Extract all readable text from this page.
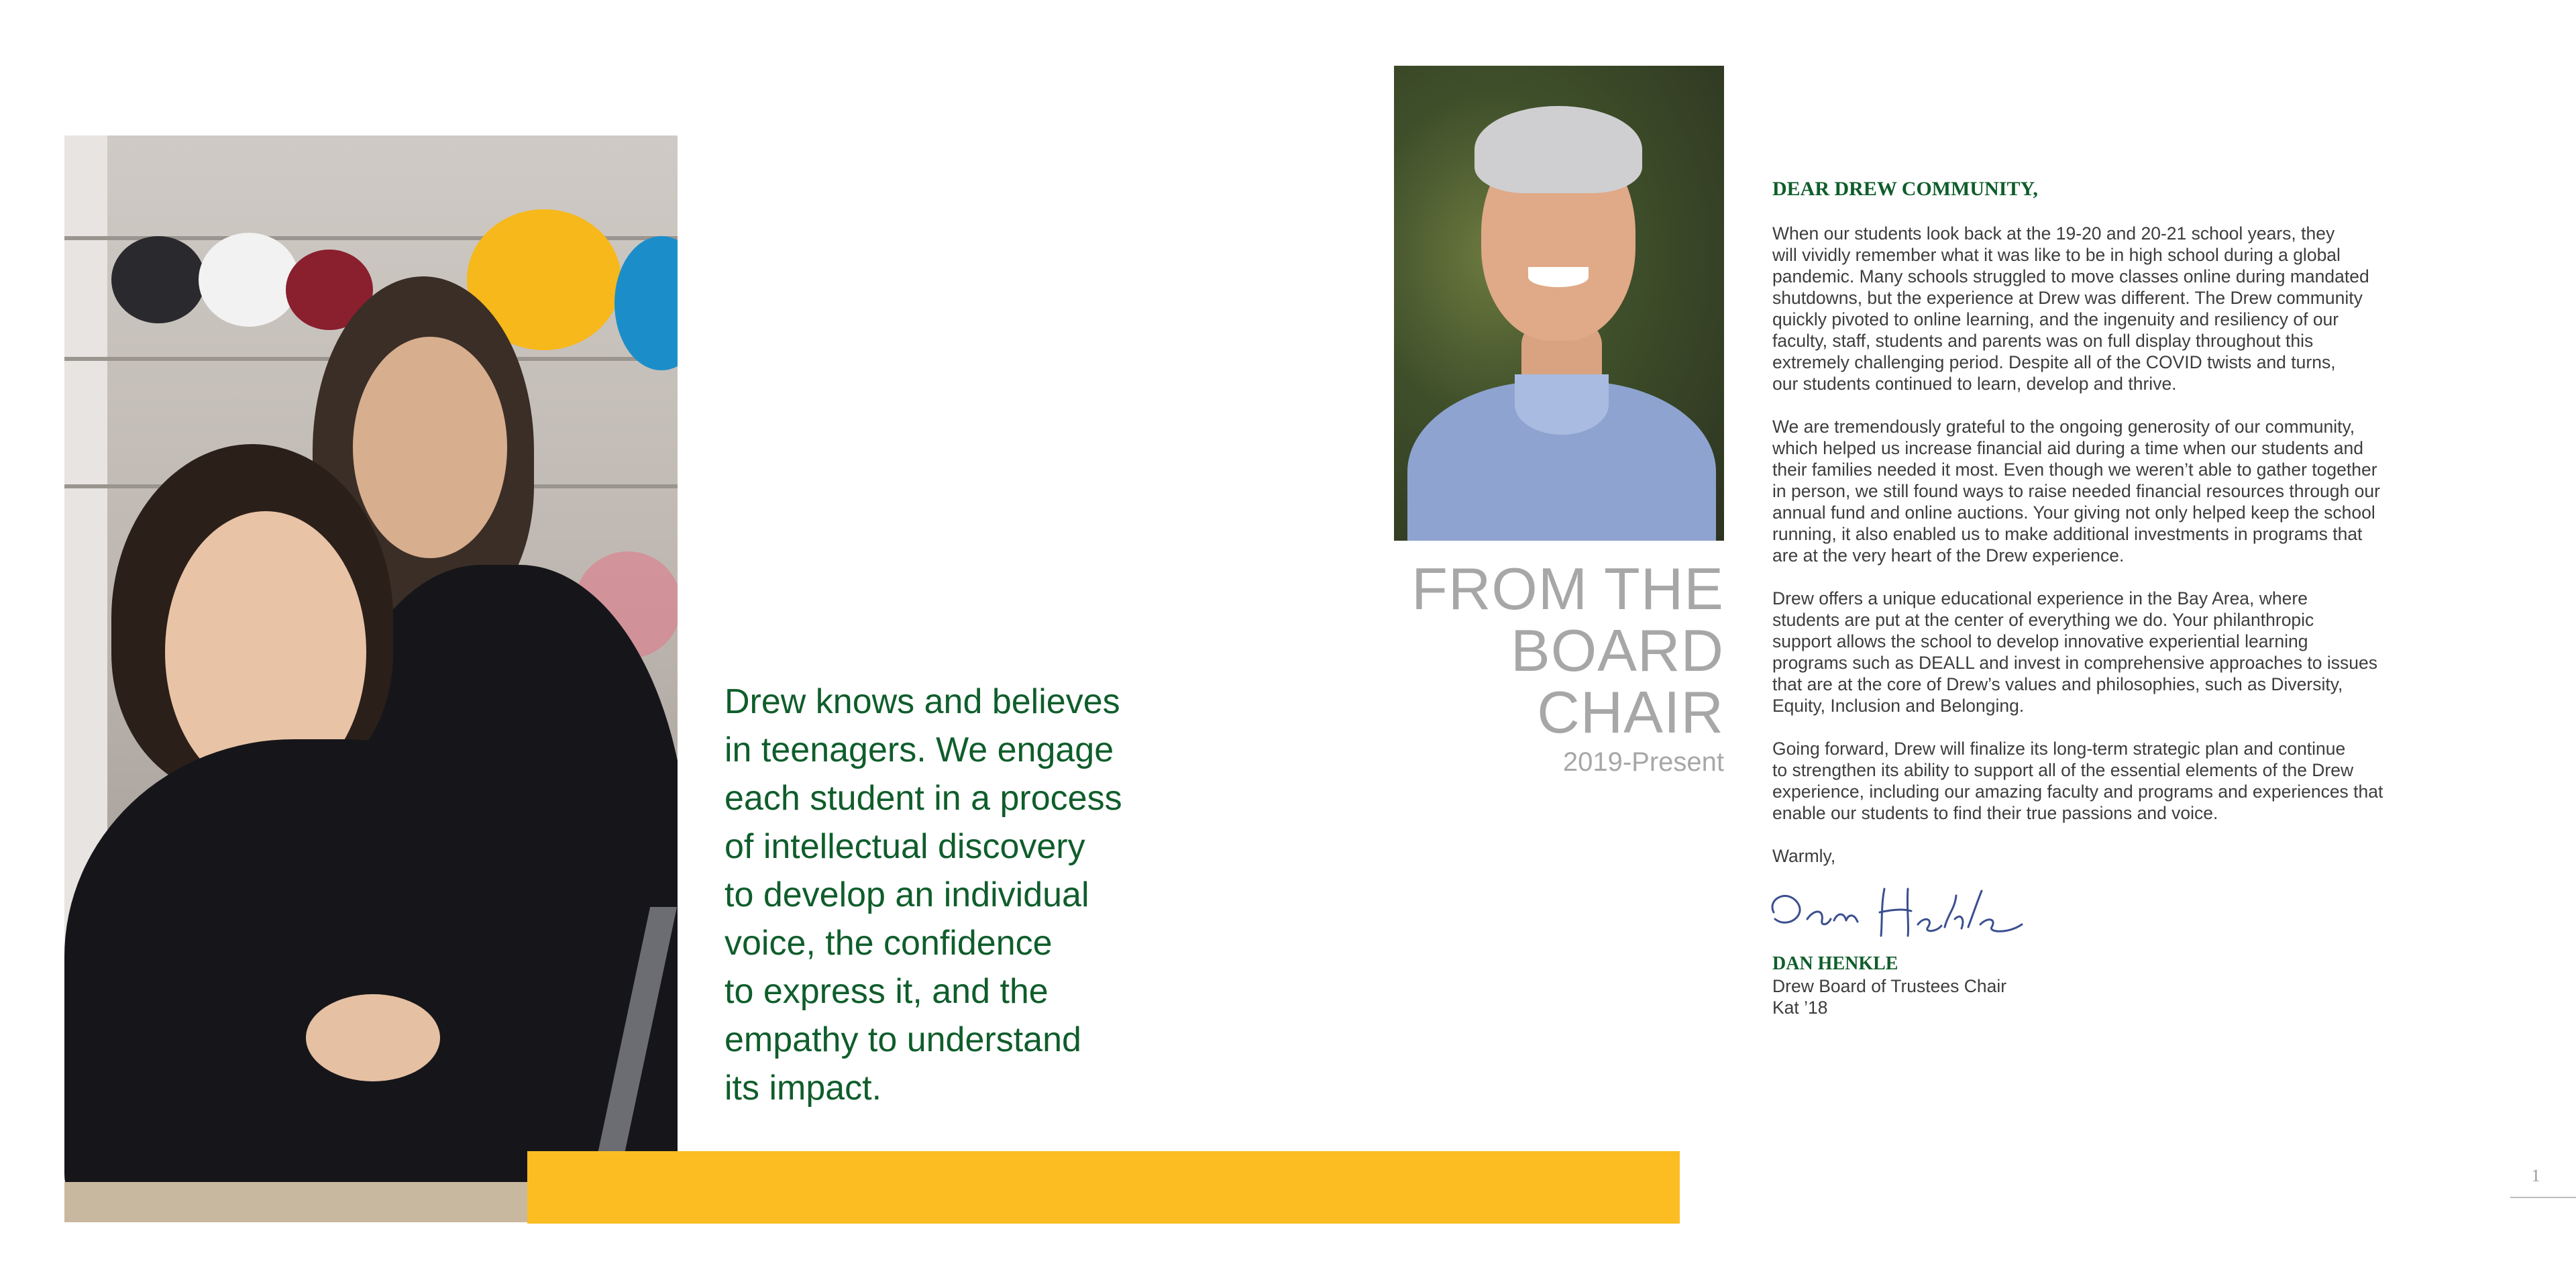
Drew knows and believes
in teenagers. We engage
each student in a process
of intellectual discovery
to develop an individual
voice, the confidence
to express it, and the
empathy to understand
its impact.
FROM THE
BOARD
CHAIR
2019-Present
DEAR DREW COMMUNITY,

When our students look back at the 19-20 and 20-21 school years, they
will vividly remember what it was like to be in high school during a global
pandemic. Many schools struggled to move classes online during mandated
shutdowns, but the experience at Drew was different. The Drew community
quickly pivoted to online learning, and the ingenuity and resiliency of our
faculty, staff, students and parents was on full display throughout this
extremely challenging period. Despite all of the COVID twists and turns,
our students continued to learn, develop and thrive.

We are tremendously grateful to the ongoing generosity of our community,
which helped us increase financial aid during a time when our students and
their families needed it most. Even though we weren’t able to gather together
in person, we still found ways to raise needed financial resources through our
annual fund and online auctions. Your giving not only helped keep the school
running, it also enabled us to make additional investments in programs that
are at the very heart of the Drew experience.

Drew offers a unique educational experience in the Bay Area, where
students are put at the center of everything we do. Your philanthropic
support allows the school to develop innovative experiential learning
programs such as DEALL and invest in comprehensive approaches to issues
that are at the core of Drew’s values and philosophies, such as Diversity,
Equity, Inclusion and Belonging.

Going forward, Drew will finalize its long-term strategic plan and continue
to strengthen its ability to support all of the essential elements of the Drew
experience, including our amazing faculty and programs and experiences that
enable our students to find their true passions and voice.

Warmly,

DAN HENKLE
Drew Board of Trustees Chair
Kat ’18
1
